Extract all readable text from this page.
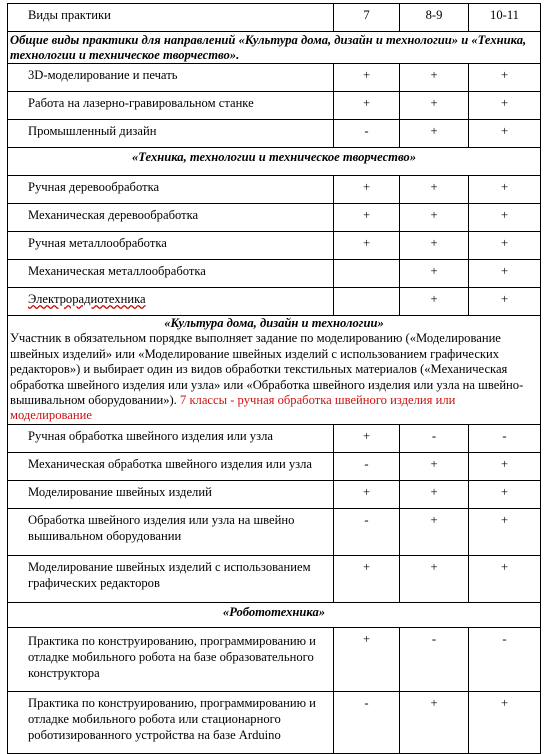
Виды практики	7	8-9	10-11

Общие виды практики для направлений «Культура дома, дизайн и технологии» и «Техника, технологии и техническое творчество».			

3D-моделирование и печать	+	+	+
Работа на лазерно-гравировальном станке	+	+	+
Промышленный дизайн	-	+	+
«Техника, технологии и техническое творчество»			
Ручная деревообработка	+	+	+
Механическая деревообработка	+	+	+
Ручная металлообработка	+	+	+
Механическая металлообработка		+	+
Электрорадиотехника		+	+

«Культура дома, дизайн и технологии»
Участник в обязательном порядке выполняет задание по моделированию («Моделирование швейных изделий» или «Моделирование швейных изделий с использованием графических редакторов») и выбирает один из видов обработки текстильных материалов («Механическая обработка швейного изделия или узла» или «Обработка швейного изделия или узла на швейно-вышивальном оборудовании»). 7 классы - ручная обработка швейного изделия или моделирование			

Ручная обработка швейного изделия или узла	+	-	-
Механическая обработка швейного изделия или узла	-	+	+
Моделирование швейных изделий	+	+	+
Обработка швейного изделия или узла на швейно вышивальном оборудовании	-	+	+
Моделирование швейных изделий с использованием графических редакторов	+	+	+
«Робототехника»			
Практика по конструированию, программированию и отладке мобильного робота на базе образовательного конструктора	+	-	-
Практика по конструированию, программированию и отладке мобильного робота или стационарного роботизированного устройства на базе Arduino	-	+	+
